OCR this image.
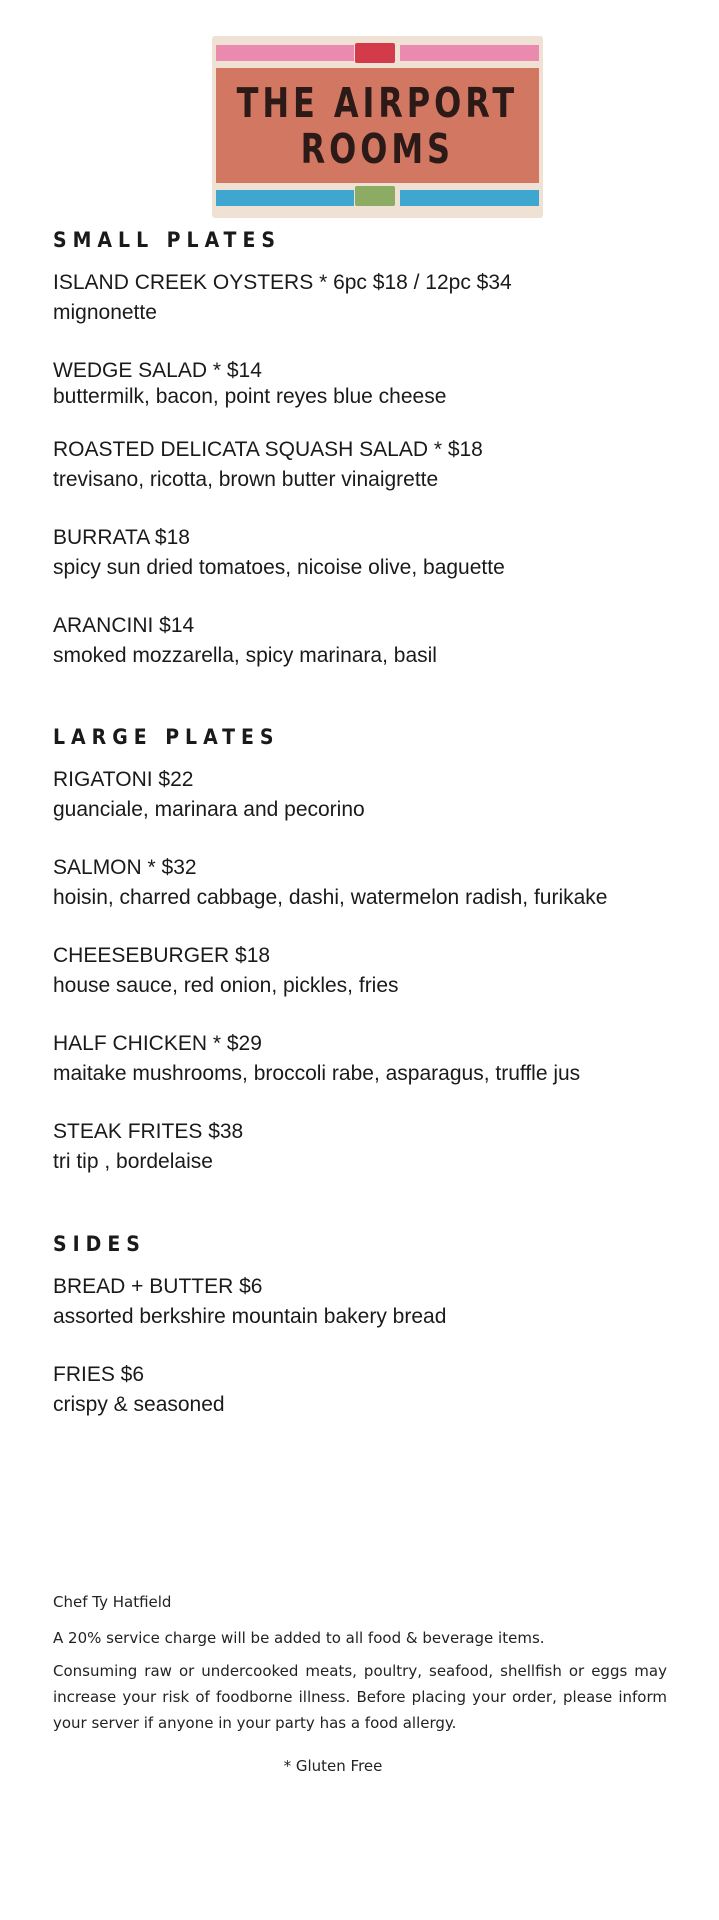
THE AIRPORT
ROOMS
SMALL PLATES
ISLAND CREEK OYSTERS * 6pc $18 / 12pc $34
mignonette
WEDGE SALAD * $14
buttermilk, bacon, point reyes blue cheese
ROASTED DELICATA SQUASH SALAD * $18
trevisano, ricotta, brown butter vinaigrette
BURRATA $18
spicy sun dried tomatoes, nicoise olive, baguette
ARANCINI $14
smoked mozzarella, spicy marinara, basil
LARGE PLATES
RIGATONI $22
guanciale, marinara and pecorino
SALMON * $32
hoisin, charred cabbage, dashi, watermelon radish, furikake
CHEESEBURGER $18
house sauce, red onion, pickles, fries
HALF CHICKEN * $29
maitake mushrooms, broccoli rabe, asparagus, truffle jus
STEAK FRITES $38
tri tip , bordelaise
SIDES
BREAD + BUTTER $6
assorted berkshire mountain bakery bread
FRIES $6
crispy & seasoned
Chef Ty Hatfield
A 20% service charge will be added to all food & beverage items.
Consuming raw or undercooked meats, poultry, seafood, shellfish or eggs may increase your risk of foodborne illness. Before placing your order, please inform your server if anyone in your party has a food allergy.
* Gluten Free
